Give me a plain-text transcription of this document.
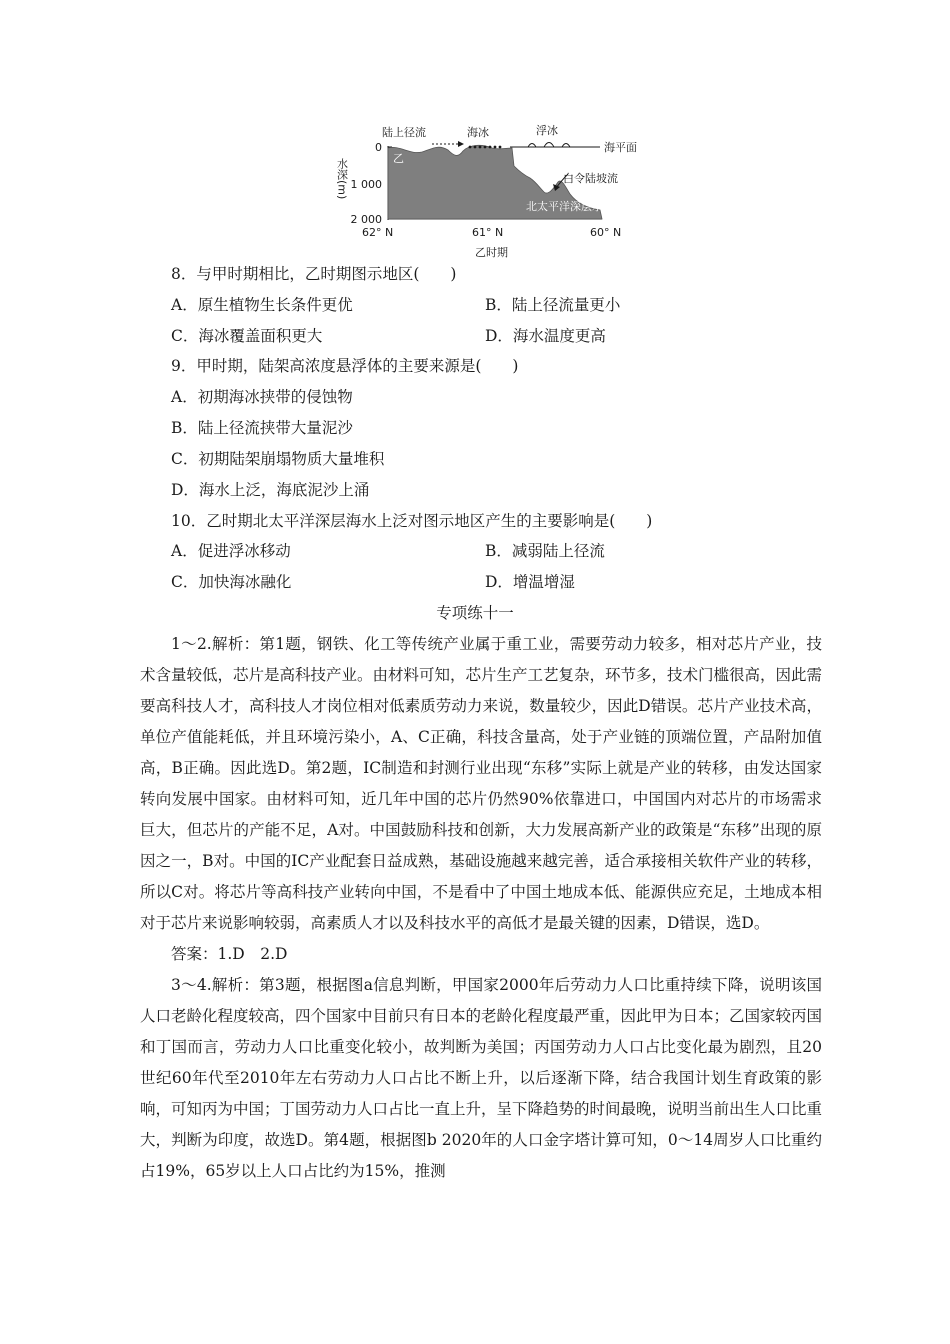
陆上径流	海冰	浮冰
海平面
乙
白令陆坡流
北太平洋深层水
水深(m)
0
1 000
2 000
62° N	61° N	60° N
乙时期
8．与甲时期相比，乙时期图示地区(　　)
A．原生植物生长条件更优	B．陆上径流量更小
C．海冰覆盖面积更大	D．海水温度更高
9．甲时期，陆架高浓度悬浮体的主要来源是(　　)
A．初期海冰挟带的侵蚀物
B．陆上径流挟带大量泥沙
C．初期陆架崩塌物质大量堆积
D．海水上泛，海底泥沙上涌
10．乙时期北太平洋深层海水上泛对图示地区产生的主要影响是(　　)
A．促进浮冰移动	B．减弱陆上径流
C．加快海冰融化	D．增温增湿
专项练十一
1～2.解析：第1题，钢铁、化工等传统产业属于重工业，需要劳动力较多，相对芯片产业，技术含量较低，芯片是高科技产业。由材料可知，芯片生产工艺复杂，环节多，技术门槛很高，因此需要高科技人才，高科技人才岗位相对低素质劳动力来说，数量较少，因此D错误。芯片产业技术高，单位产值能耗低，并且环境污染小，A、C正确，科技含量高，处于产业链的顶端位置，产品附加值高，B正确。因此选D。第2题，IC制造和封测行业出现“东移”实际上就是产业的转移，由发达国家转向发展中国家。由材料可知，近几年中国的芯片仍然90%依靠进口，中国国内对芯片的市场需求巨大，但芯片的产能不足，A对。中国鼓励科技和创新，大力发展高新产业的政策是“东移”出现的原因之一，B对。中国的IC产业配套日益成熟，基础设施越来越完善，适合承接相关软件产业的转移，所以C对。将芯片等高科技产业转向中国，不是看中了中国土地成本低、能源供应充足，土地成本相对于芯片来说影响较弱，高素质人才以及科技水平的高低才是最关键的因素，D错误，选D。
答案：1.D　2.D
3～4.解析：第3题，根据图a信息判断，甲国家2000年后劳动力人口比重持续下降，说明该国人口老龄化程度较高，四个国家中目前只有日本的老龄化程度最严重，因此甲为日本；乙国家较丙国和丁国而言，劳动力人口比重变化较小，故判断为美国；丙国劳动力人口占比变化最为剧烈，且20世纪60年代至2010年左右劳动力人口占比不断上升，以后逐渐下降，结合我国计划生育政策的影响，可知丙为中国；丁国劳动力人口占比一直上升，呈下降趋势的时间最晚，说明当前出生人口比重大，判断为印度，故选D。第4题，根据图b 2020年的人口金字塔计算可知，0～14周岁人口比重约占19%，65岁以上人口占比约为15%，推测
